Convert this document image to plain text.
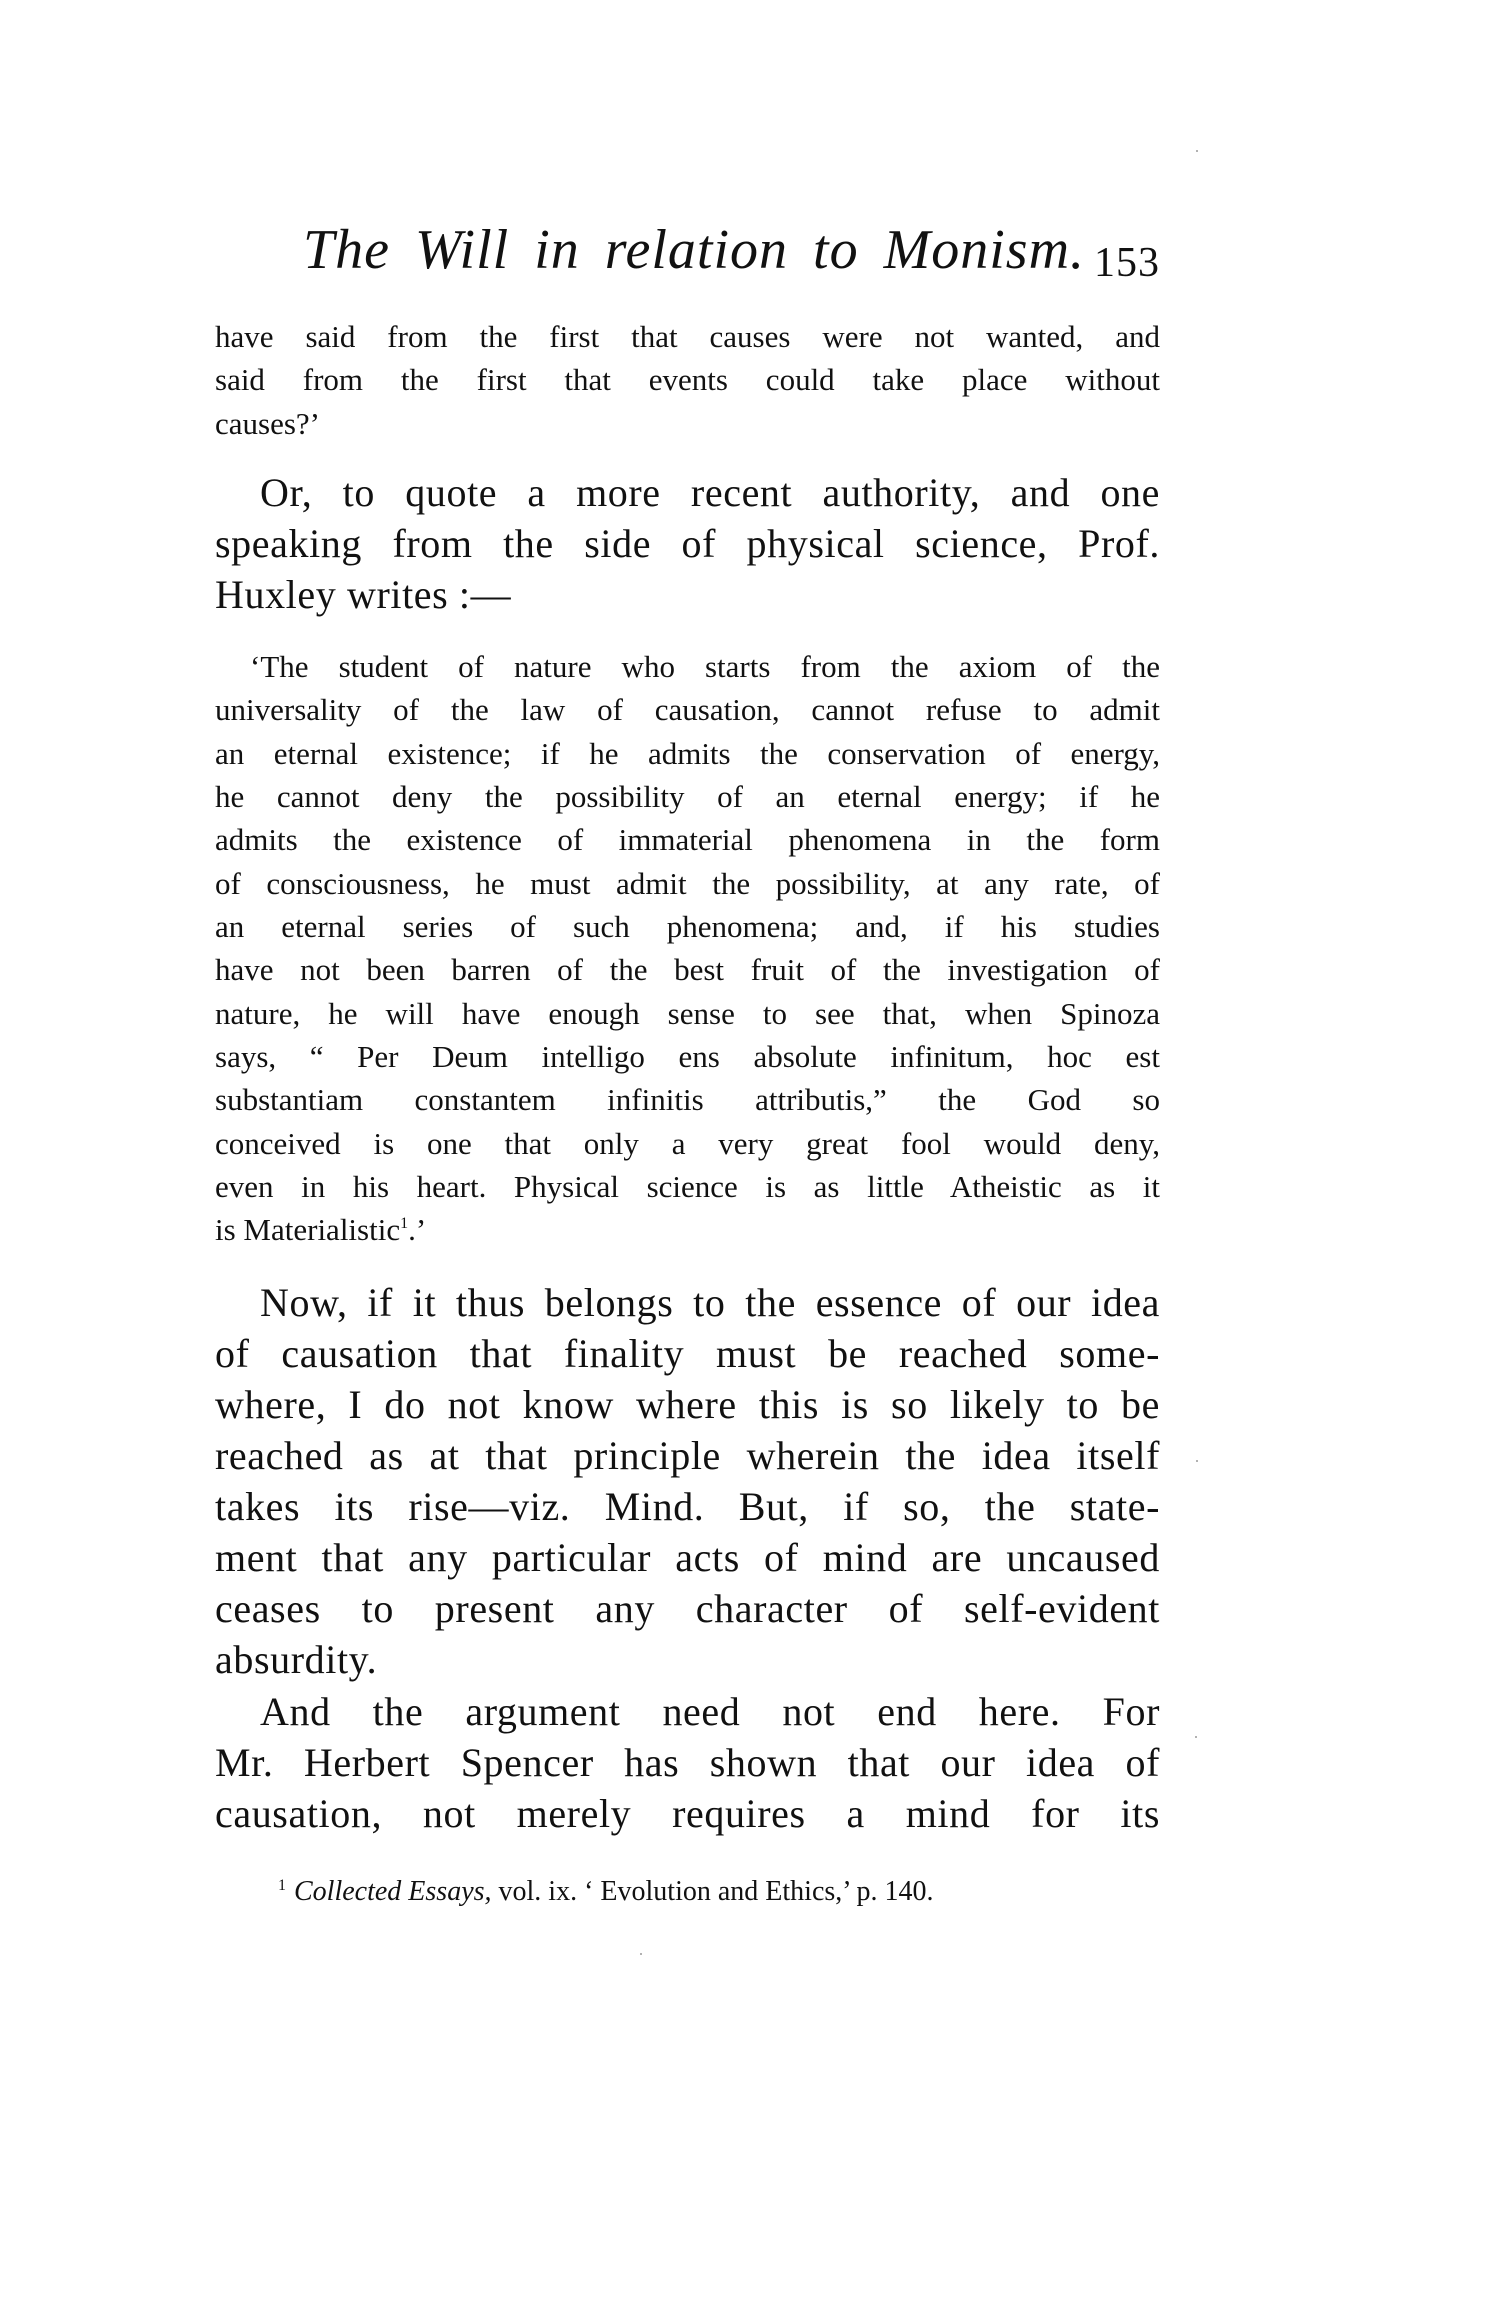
The Will in relation to Monism. 153
have said from the first that causes were not wanted, and
said from the first that events could take place without
causes?’
Or, to quote a more recent authority, and one
speaking from the side of physical science, Prof.
Huxley writes :—
‘The student of nature who starts from the axiom of the
universality of the law of causation, cannot refuse to admit
an eternal existence; if he admits the conservation of energy,
he cannot deny the possibility of an eternal energy; if he
admits the existence of immaterial phenomena in the form
of consciousness, he must admit the possibility, at any rate, of
an eternal series of such phenomena; and, if his studies
have not been barren of the best fruit of the investigation of
nature, he will have enough sense to see that, when Spinoza
says, “ Per Deum intelligo ens absolute infinitum, hoc est
substantiam constantem infinitis attributis,” the God so
conceived is one that only a very great fool would deny,
even in his heart. Physical science is as little Atheistic as it
is Materialistic$^1$.’
Now, if it thus belongs to the essence of our idea
of causation that finality must be reached some-
where, I do not know where this is so likely to be
reached as at that principle wherein the idea itself
takes its rise—viz. Mind. But, if so, the state-
ment that any particular acts of mind are uncaused
ceases to present any character of self-evident
absurdity.
And the argument need not end here. For
Mr. Herbert Spencer has shown that our idea of
causation, not merely requires a mind for its
$^1$ Collected Essays, vol. ix. ‘ Evolution and Ethics,’ p. 140.
